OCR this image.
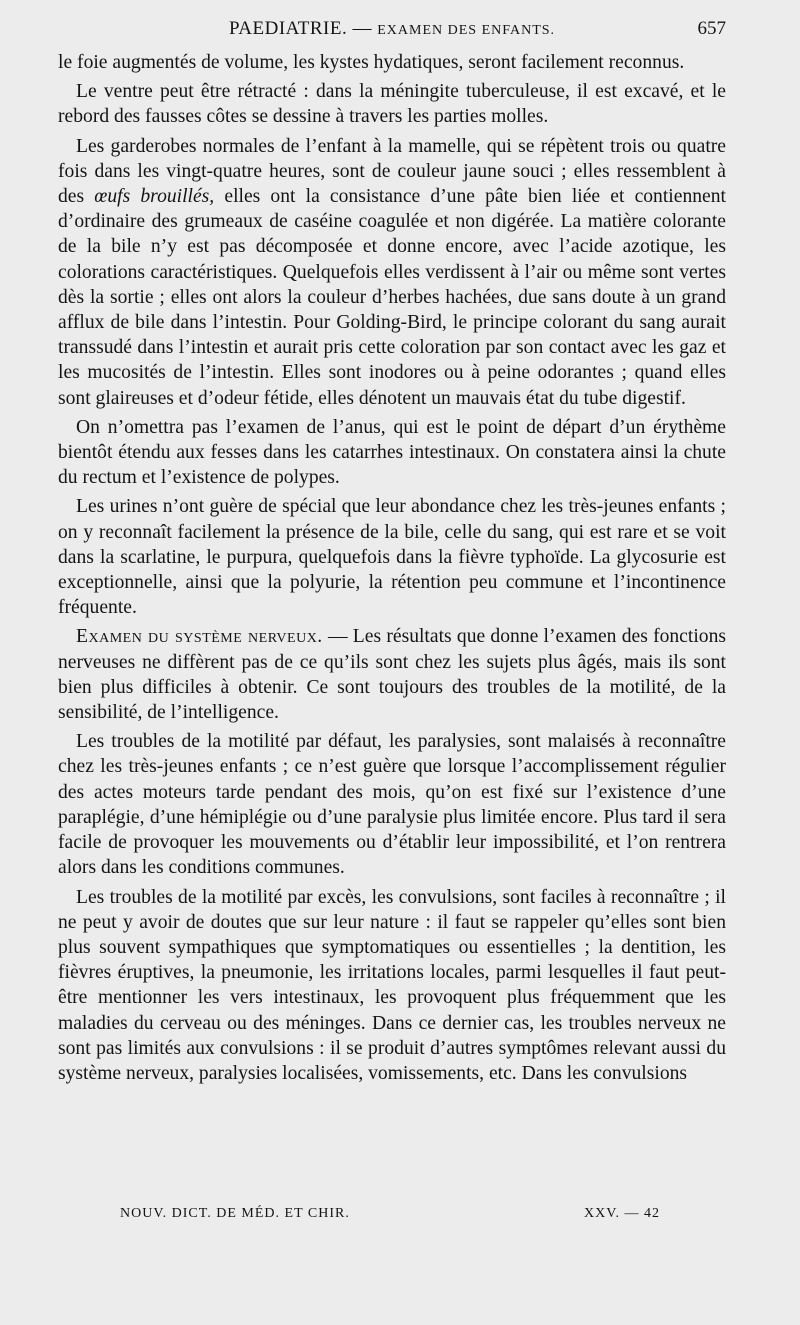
PAEDIATRIE. — EXAMEN DES ENFANTS.	657

le foie augmentés de volume, les kystes hydatiques, seront facilement reconnus.

Le ventre peut être rétracté : dans la méningite tuberculeuse, il est excavé, et le rebord des fausses côtes se dessine à travers les parties molles.

Les garderobes normales de l’enfant à la mamelle, qui se répètent trois ou quatre fois dans les vingt-quatre heures, sont de couleur jaune souci ; elles ressemblent à des œufs brouillés, elles ont la consistance d’une pâte bien liée et contiennent d’ordinaire des grumeaux de caséine coagulée et non digérée. La matière colorante de la bile n’y est pas décomposée et donne encore, avec l’acide azotique, les colorations caractéristiques. Quelquefois elles verdissent à l’air ou même sont vertes dès la sortie ; elles ont alors la couleur d’herbes hachées, due sans doute à un grand afflux de bile dans l’intestin. Pour Golding-Bird, le principe colorant du sang aurait transsudé dans l’intestin et aurait pris cette coloration par son contact avec les gaz et les mucosités de l’intestin. Elles sont inodores ou à peine odorantes ; quand elles sont glaireuses et d’odeur fétide, elles dénotent un mauvais état du tube digestif.

On n’omettra pas l’examen de l’anus, qui est le point de départ d’un érythème bientôt étendu aux fesses dans les catarrhes intestinaux. On constatera ainsi la chute du rectum et l’existence de polypes.

Les urines n’ont guère de spécial que leur abondance chez les très-jeunes enfants ; on y reconnaît facilement la présence de la bile, celle du sang, qui est rare et se voit dans la scarlatine, le purpura, quelquefois dans la fièvre typhoïde. La glycosurie est exceptionnelle, ainsi que la polyurie, la rétention peu commune et l’incontinence fréquente.

Examen du système nerveux. — Les résultats que donne l’examen des fonctions nerveuses ne diffèrent pas de ce qu’ils sont chez les sujets plus âgés, mais ils sont bien plus difficiles à obtenir. Ce sont toujours des troubles de la motilité, de la sensibilité, de l’intelligence.

Les troubles de la motilité par défaut, les paralysies, sont malaisés à reconnaître chez les très-jeunes enfants ; ce n’est guère que lorsque l’accomplissement régulier des actes moteurs tarde pendant des mois, qu’on est fixé sur l’existence d’une paraplégie, d’une hémiplégie ou d’une paralysie plus limitée encore. Plus tard il sera facile de provoquer les mouvements ou d’établir leur impossibilité, et l’on rentrera alors dans les conditions communes.

Les troubles de la motilité par excès, les convulsions, sont faciles à reconnaître ; il ne peut y avoir de doutes que sur leur nature : il faut se rappeler qu’elles sont bien plus souvent sympathiques que symptomatiques ou essentielles ; la dentition, les fièvres éruptives, la pneumonie, les irritations locales, parmi lesquelles il faut peut-être mentionner les vers intestinaux, les provoquent plus fréquemment que les maladies du cerveau ou des méninges. Dans ce dernier cas, les troubles nerveux ne sont pas limités aux convulsions : il se produit d’autres symptômes relevant aussi du système nerveux, paralysies localisées, vomissements, etc. Dans les convulsions

NOUV. DICT. DE MÉD. ET CHIR.	XXV. — 42
